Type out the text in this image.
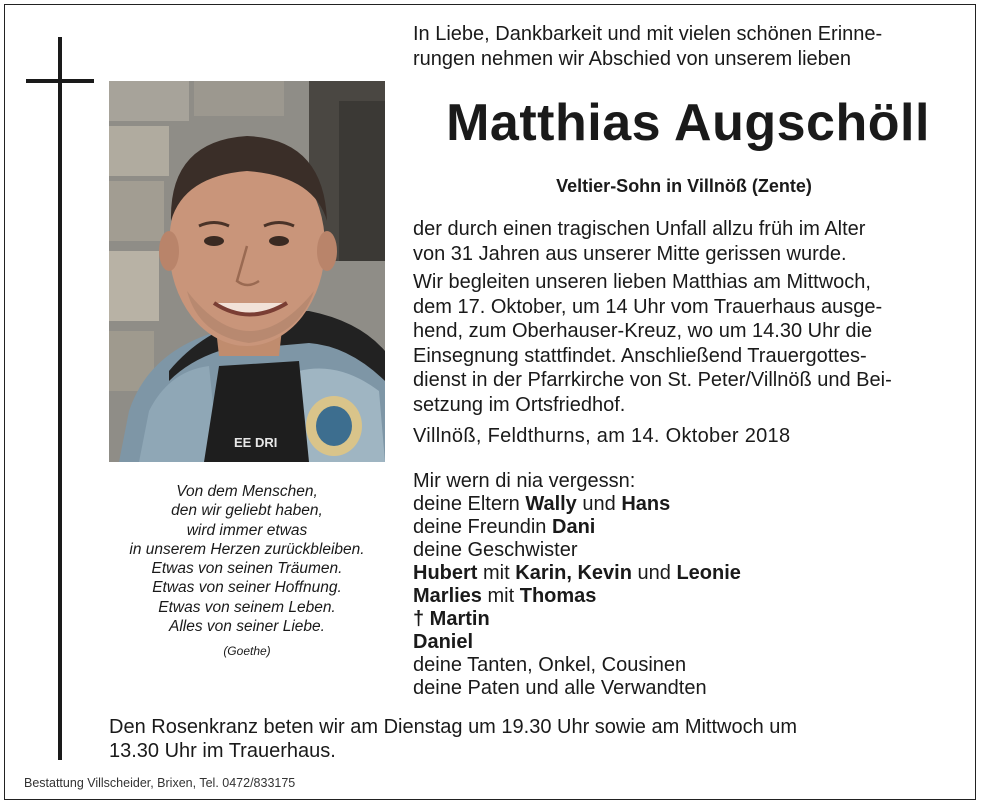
EE DRI
Von dem Menschen,
den wir geliebt haben,
wird immer etwas
in unserem Herzen zurückbleiben.
Etwas von seinen Träumen.
Etwas von seiner Hoffnung.
Etwas von seinem Leben.
Alles von seiner Liebe.
(Goethe)
In Liebe, Dankbarkeit und mit vielen schönen Erinne-
rungen nehmen wir Abschied von unserem lieben
Matthias Augschöll
Veltier-Sohn in Villnöß (Zente)
der durch einen tragischen Unfall allzu früh im Alter
von 31 Jahren aus unserer Mitte gerissen wurde.
Wir begleiten unseren lieben Matthias am Mittwoch,
dem 17. Oktober, um 14 Uhr vom Trauerhaus ausge-
hend, zum Oberhauser-Kreuz, wo um 14.30 Uhr die
Einsegnung stattfindet. Anschließend Trauergottes-
dienst in der Pfarrkirche von St. Peter/Villnöß und Bei-
setzung im Ortsfriedhof.
Villnöß, Feldthurns, am 14. Oktober 2018
Mir wern di nia vergessn:
deine Eltern Wally und Hans
deine Freundin Dani
deine Geschwister
Hubert mit Karin, Kevin und Leonie
Marlies mit Thomas
† Martin
Daniel
deine Tanten, Onkel, Cousinen
deine Paten und alle Verwandten
Den Rosenkranz beten wir am Dienstag um 19.30 Uhr sowie am Mittwoch um
13.30 Uhr im Trauerhaus.
Bestattung Villscheider, Brixen, Tel. 0472/833175
